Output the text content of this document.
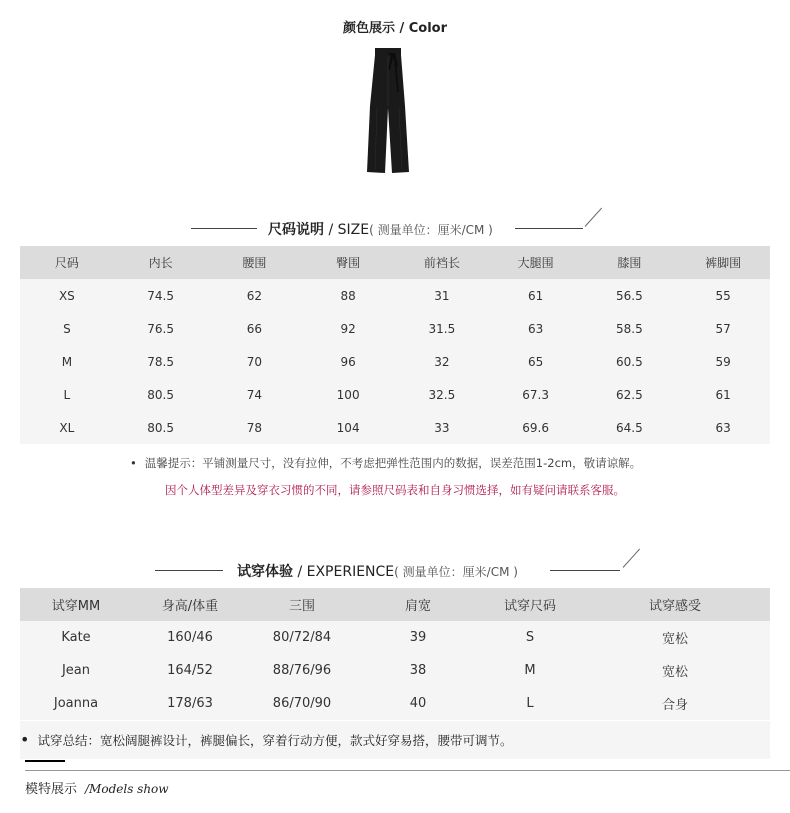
颜色展示 / Color
尺码说明 / SIZE( 测量单位：厘米/CM )
尺码	内长	腰围	臀围	前裆长	大腿围	膝围	裤脚围
XS	74.5	62	88	31	61	56.5	55
S	76.5	66	92	31.5	63	58.5	57
M	78.5	70	96	32	65	60.5	59
L	80.5	74	100	32.5	67.3	62.5	61
XL	80.5	78	104	33	69.6	64.5	63
• 温馨提示：平铺测量尺寸，没有拉伸，不考虑把弹性范围内的数据，误差范围1-2cm，敬请谅解。
因个人体型差异及穿衣习惯的不同，请参照尺码表和自身习惯选择，如有疑问请联系客服。
试穿体验 / EXPERIENCE( 测量单位：厘米/CM )
试穿MM	身高/体重	三围	肩宽	试穿尺码	试穿感受
Kate	160/46	80/72/84	39	S	宽松
Jean	164/52	88/76/96	38	M	宽松
Joanna	178/63	86/70/90	40	L	合身
• 试穿总结：宽松阔腿裤设计，裤腿偏长，穿着行动方便，款式好穿易搭，腰带可调节。
模特展示 /Models show
